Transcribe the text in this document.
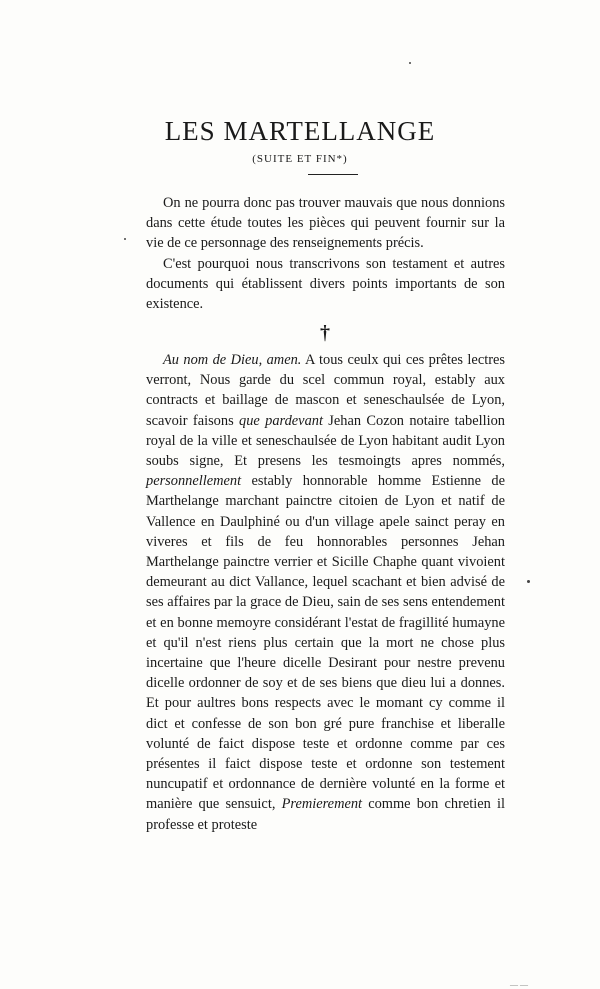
LES MARTELLANGE
(SUITE ET FIN*)

On ne pourra donc pas trouver mauvais que nous donnions dans cette étude toutes les pièces qui peuvent fournir sur la vie de ce personnage des renseignements précis.

C'est pourquoi nous transcrivons son testament et autres documents qui établissent divers points importants de son existence.

†

Au nom de Dieu, amen. A tous ceulx qui ces prêtes lectres verront, Nous garde du scel commun royal, estably aux contracts et baillage de mascon et seneschaulsée de Lyon, scavoir faisons que pardevant Jehan Cozon notaire tabellion royal de la ville et seneschaulsée de Lyon habitant audit Lyon soubs signe, Et presens les tesmoingts apres nommés, personnellement estably honnorable homme Estienne de Marthelange marchant painctre citoien de Lyon et natif de Vallence en Daulphiné ou d'un village apele sainct peray en viveres et fils de feu honnorables personnes Jehan Marthelange painctre verrier et Sicille Chaphe quant vivoient demeurant au dict Vallance, lequel scachant et bien advisé de ses affaires par la grace de Dieu, sain de ses sens entendement et en bonne memoyre considérant l'estat de fragillité humayne et qu'il n'est riens plus certain que la mort ne chose plus incertaine que l'heure dicelle Desirant pour nestre prevenu dicelle ordonner de soy et de ses biens que dieu lui a donnes. Et pour aultres bons respects avec le momant cy comme il dict et confesse de son bon gré pure franchise et liberalle volunté de faict dispose teste et ordonne comme par ces présentes il faict dispose teste et ordonne son testement nuncupatif et ordonnance de dernière volunté en la forme et manière que sensuict, Premierement comme bon chretien il professe et proteste

— —
